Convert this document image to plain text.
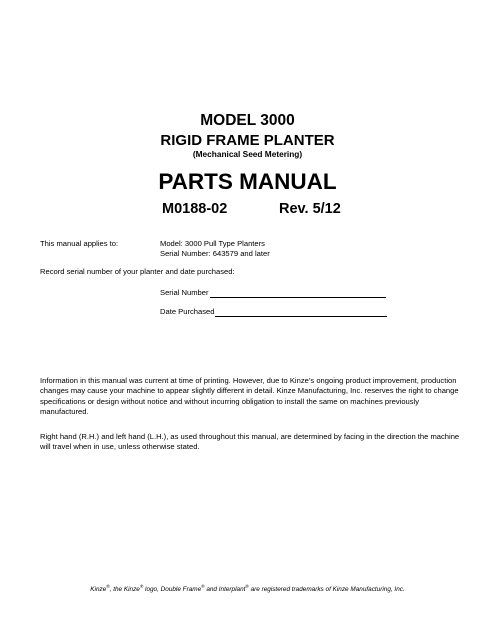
MODEL 3000
RIGID FRAME PLANTER
(Mechanical Seed Metering)
PARTS MANUAL
M0188-02	Rev. 5/12
This manual applies to:	Model: 3000 Pull Type Planters
Serial Number: 643579 and later
Record serial number of your planter and date purchased:
Serial Number
Date Purchased
Information in this manual was current at time of printing. However, due to Kinze’s ongoing product improvement, production changes may cause your machine to appear slightly different in detail. Kinze Manufacturing, Inc. reserves the right to change specifications or design without notice and without incurring obligation to install the same on machines previously manufactured.
Right hand (R.H.) and left hand (L.H.), as used throughout this manual, are determined by facing in the direction the machine will travel when in use, unless otherwise stated.
Kinze®, the Kinze® logo, Double Frame® and Interplant® are registered trademarks of Kinze Manufacturing, Inc.
